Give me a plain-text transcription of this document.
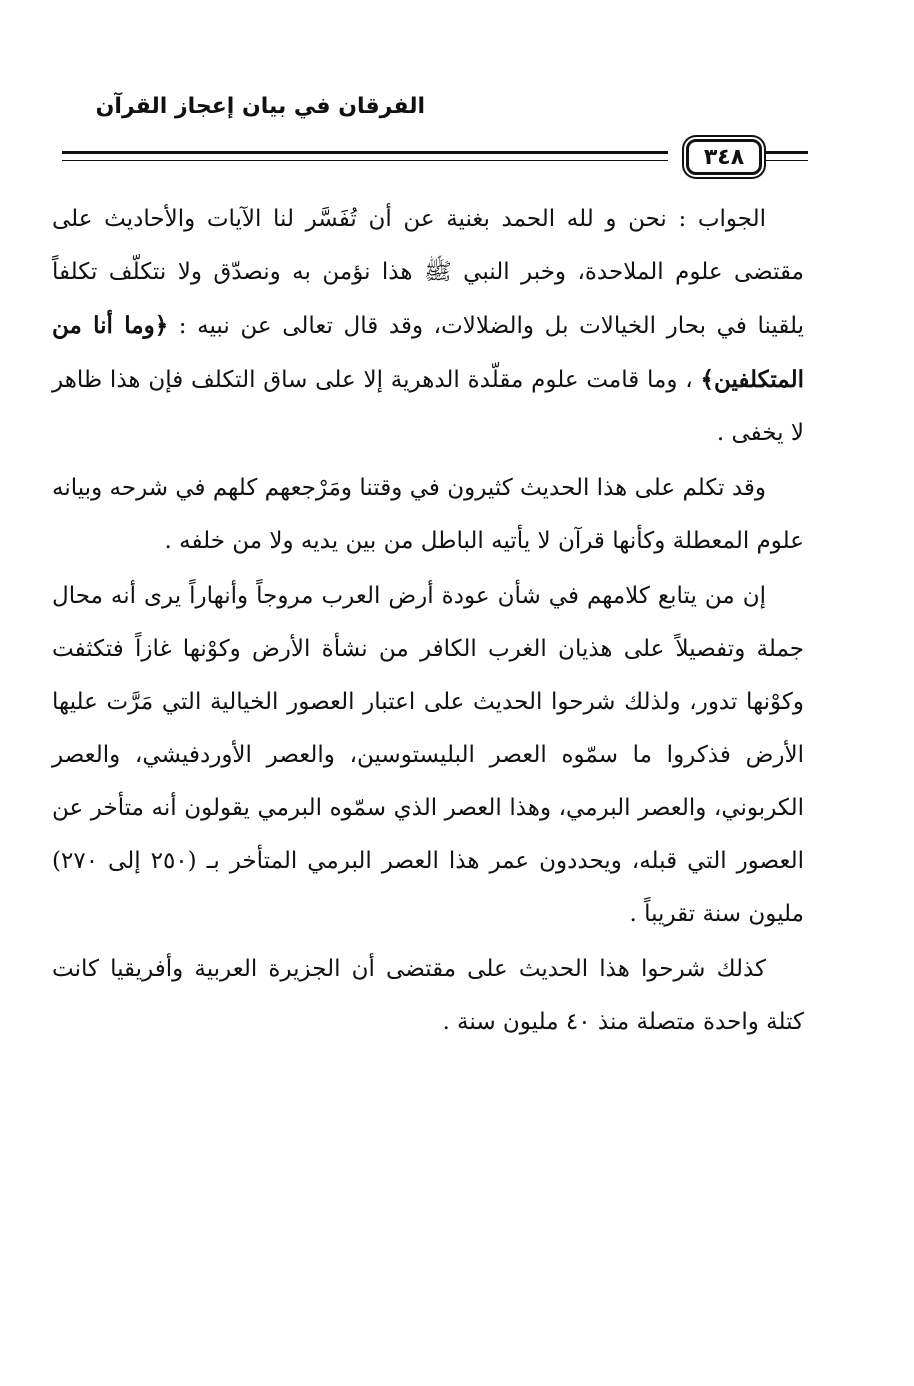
الفرقان في بيان إعجاز القرآن
٣٤٨

الجواب : نحن و لله الحمد بغنية عن أن تُفَسَّر لنا الآيات والأحاديث على مقتضى علوم الملاحدة، وخبر النبي ﷺ هذا نؤمن به ونصدّق ولا نتكلّف تكلفاً يلقينا في بحار الخيالات بل والضلالات، وقد قال تعالى عن نبيه : ﴿وما أنا من المتكلفين﴾ ، وما قامت علوم مقلّدة الدهرية إلا على ساق التكلف فإن هذا ظاهر لا يخفى .

وقد تكلم على هذا الحديث كثيرون في وقتنا ومَرْجعهم كلهم في شرحه وبيانه علوم المعطلة وكأنها قرآن لا يأتيه الباطل من بين يديه ولا من خلفه .

إن من يتابع كلامهم في شأن عودة أرض العرب مروجاً وأنهاراً يرى أنه محال جملة وتفصيلاً على هذيان الغرب الكافر من نشأة الأرض وكوْنها غازاً فتكثفت وكوْنها تدور، ولذلك شرحوا الحديث على اعتبار العصور الخيالية التي مَرَّت عليها الأرض فذكروا ما سمّوه العصر البليستوسين، والعصر الأوردفيشي، والعصر الكربوني، والعصر البرمي، وهذا العصر الذي سمّوه البرمي يقولون أنه متأخر عن العصور التي قبله، ويحددون عمر هذا العصر البرمي المتأخر بـ (٢٥٠ إلى ٢٧٠) مليون سنة تقريباً .

كذلك شرحوا هذا الحديث على مقتضى أن الجزيرة العربية وأفريقيا كانت كتلة واحدة متصلة منذ ٤٠ مليون سنة .
